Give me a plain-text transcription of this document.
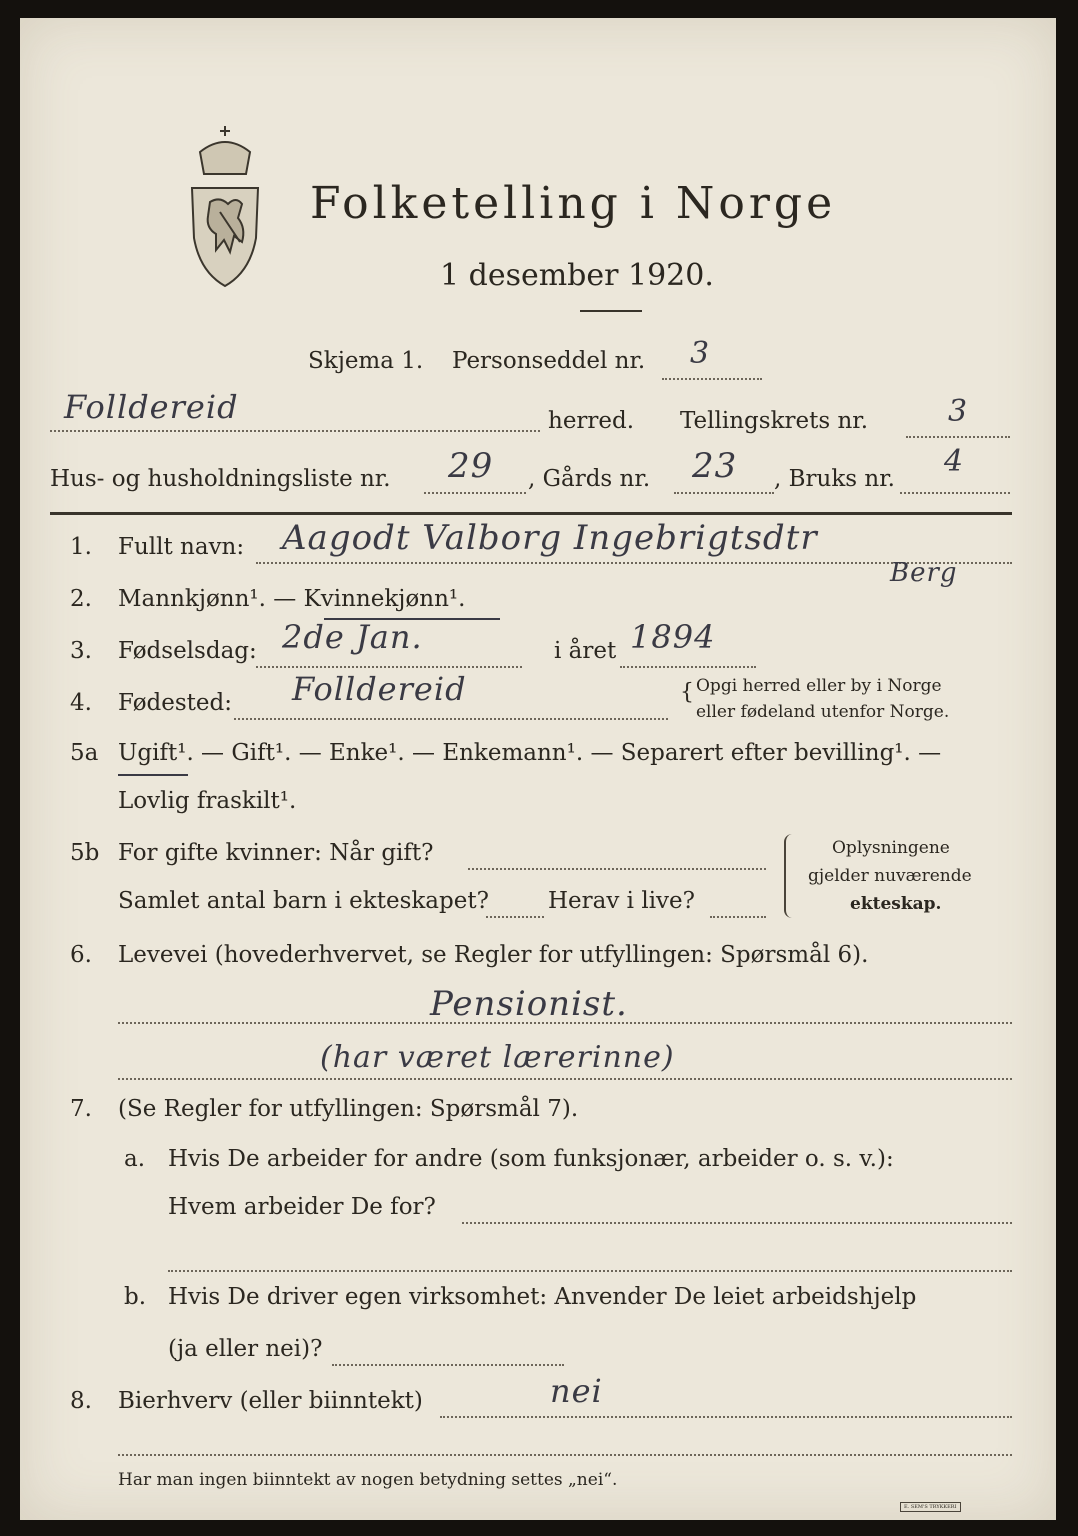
Folketelling i Norge
1 desember 1920.
Skjema 1. Personseddel nr. 3
Folldereid	herred. Tellingskrets nr.	3
Hus- og husholdningsliste nr. 29 , Gårds nr. 23 , Bruks nr. 4
1. Fullt navn: Aagodt Valborg Ingebrigtsdtr
Berg
2. Mannkjønn¹. — Kvinnekjønn¹.
3. Fødselsdag: 2de Jan.	i året 1894
4. Fødested: Folldereid	{ Opgi herred eller by i Norge
eller fødeland utenfor Norge.
5a Ugift¹. — Gift¹. — Enke¹. — Enkemann¹. — Separert efter bevilling¹. —
Lovlig fraskilt¹.
5b For gifte kvinner: Når gift?
Samlet antal barn i ekteskapet?	Herav i live?
Oplysningene
gjelder nuværende
ekteskap.
6. Levevei (hovederhvervet, se Regler for utfyllingen: Spørsmål 6).
Pensionist.
(har været lærerinne)
7. (Se Regler for utfyllingen: Spørsmål 7).
a. Hvis De arbeider for andre (som funksjonær, arbeider o. s. v.):
Hvem arbeider De for?
b. Hvis De driver egen virksomhet: Anvender De leiet arbeidshjelp
(ja eller nei)?
8. Bierhverv (eller biinntekt)	nei
Har man ingen biinntekt av nogen betydning settes „nei“.
E. SEM'S TRYKKERI
